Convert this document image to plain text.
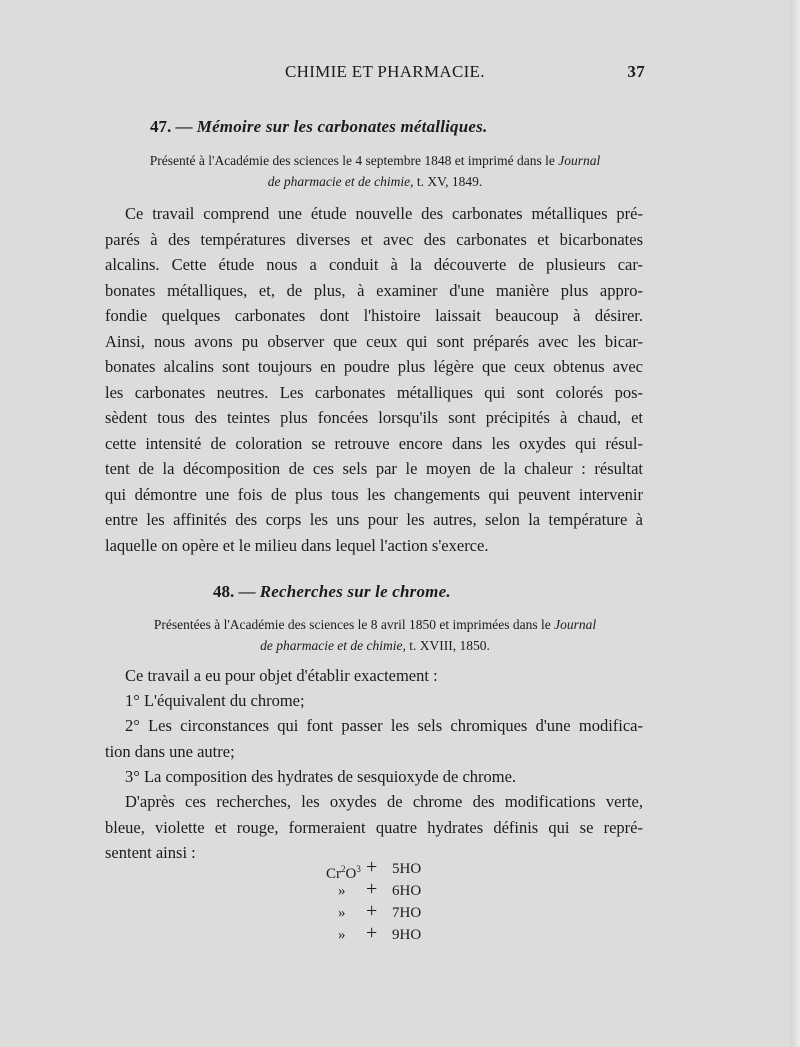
CHIMIE ET PHARMACIE.	37
47. — Mémoire sur les carbonates métalliques.
Présenté à l'Académie des sciences le 4 septembre 1848 et imprimé dans le Journal
de pharmacie et de chimie, t. XV, 1849.
Ce travail comprend une étude nouvelle des carbonates métalliques pré-
parés à des températures diverses et avec des carbonates et bicarbonates
alcalins. Cette étude nous a conduit à la découverte de plusieurs car-
bonates métalliques, et, de plus, à examiner d'une manière plus appro-
fondie quelques carbonates dont l'histoire laissait beaucoup à désirer.
Ainsi, nous avons pu observer que ceux qui sont préparés avec les bicar-
bonates alcalins sont toujours en poudre plus légère que ceux obtenus avec
les carbonates neutres. Les carbonates métalliques qui sont colorés pos-
sèdent tous des teintes plus foncées lorsqu'ils sont précipités à chaud, et
cette intensité de coloration se retrouve encore dans les oxydes qui résul-
tent de la décomposition de ces sels par le moyen de la chaleur : résultat
qui démontre une fois de plus tous les changements qui peuvent intervenir
entre les affinités des corps les uns pour les autres, selon la température à
laquelle on opère et le milieu dans lequel l'action s'exerce.
48. — Recherches sur le chrome.
Présentées à l'Académie des sciences le 8 avril 1850 et imprimées dans le Journal
de pharmacie et de chimie, t. XVIII, 1850.
Ce travail a eu pour objet d'établir exactement :
1° L'équivalent du chrome;
2° Les circonstances qui font passer les sels chromiques d'une modifica-
tion dans une autre;
3° La composition des hydrates de sesquioxyde de chrome.
D'après ces recherches, les oxydes de chrome des modifications verte,
bleue, violette et rouge, formeraient quatre hydrates définis qui se repré-
sentent ainsi :
$Cr^2O^3 + 5HO$
» + 6HO
» + 7HO
» + 9HO
